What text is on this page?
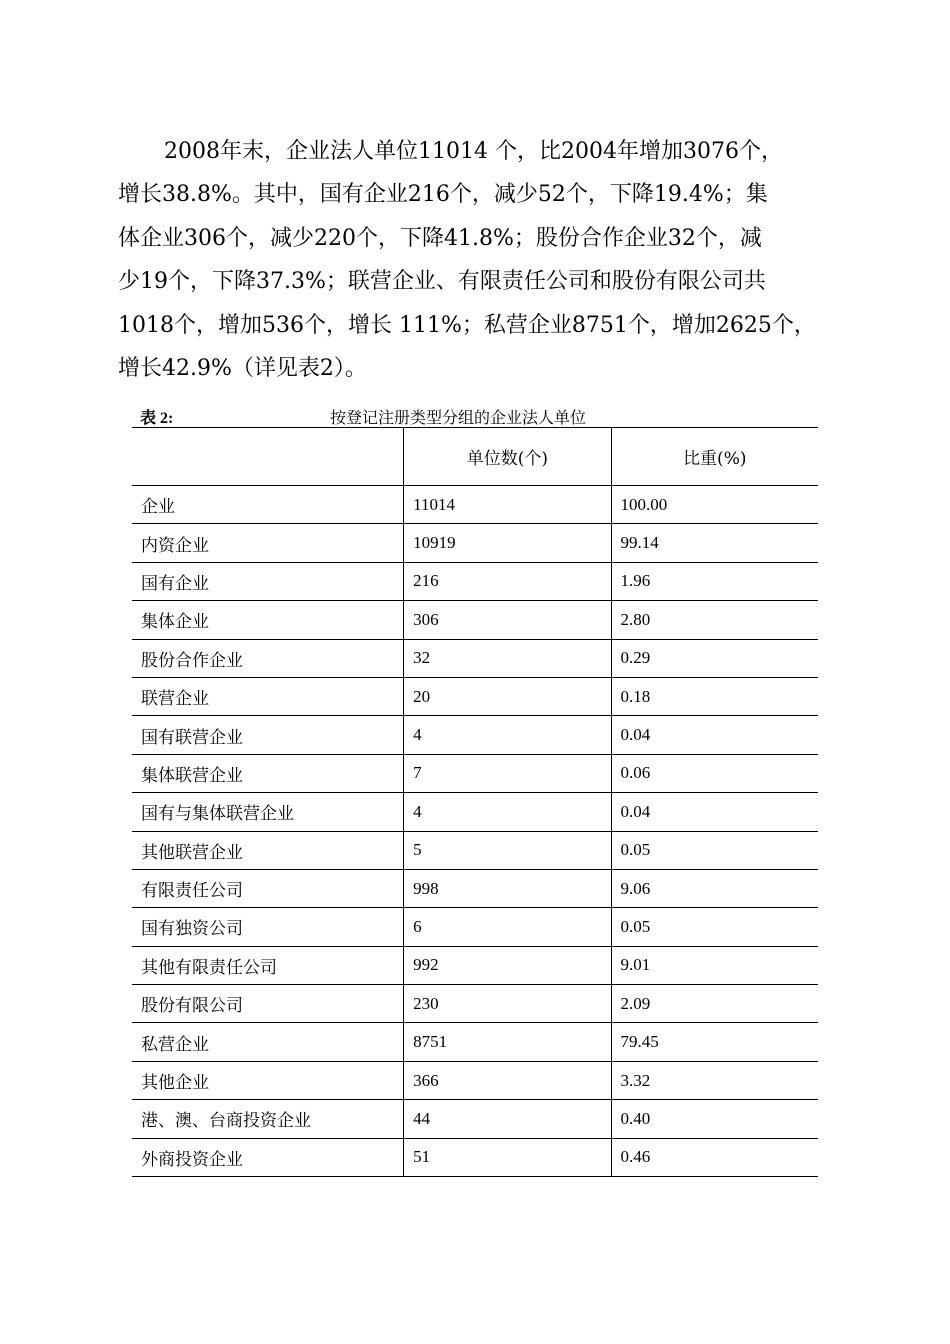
2008年末，企业法人单位11014 个，比2004年增加3076个，
增长38.8%。其中，国有企业216个，减少52个，下降19.4%；集
体企业306个，减少220个，下降41.8%；股份合作企业32个，减
少19个，下降37.3%；联营企业、有限责任公司和股份有限公司共
1018个，增加536个，增长 111%；私营企业8751个，增加2625个，
增长42.9%（详见表2）。

表 2:	按登记注册类型分组的企业法人单位
	单位数(个)	比重(%)
企业	11014	100.00
内资企业	10919	99.14
国有企业	216	1.96
集体企业	306	2.80
股份合作企业	32	0.29
联营企业	20	0.18
国有联营企业	4	0.04
集体联营企业	7	0.06
国有与集体联营企业	4	0.04
其他联营企业	5	0.05
有限责任公司	998	9.06
国有独资公司	6	0.05
其他有限责任公司	992	9.01
股份有限公司	230	2.09
私营企业	8751	79.45
其他企业	366	3.32
港、澳、台商投资企业	44	0.40
外商投资企业	51	0.46
